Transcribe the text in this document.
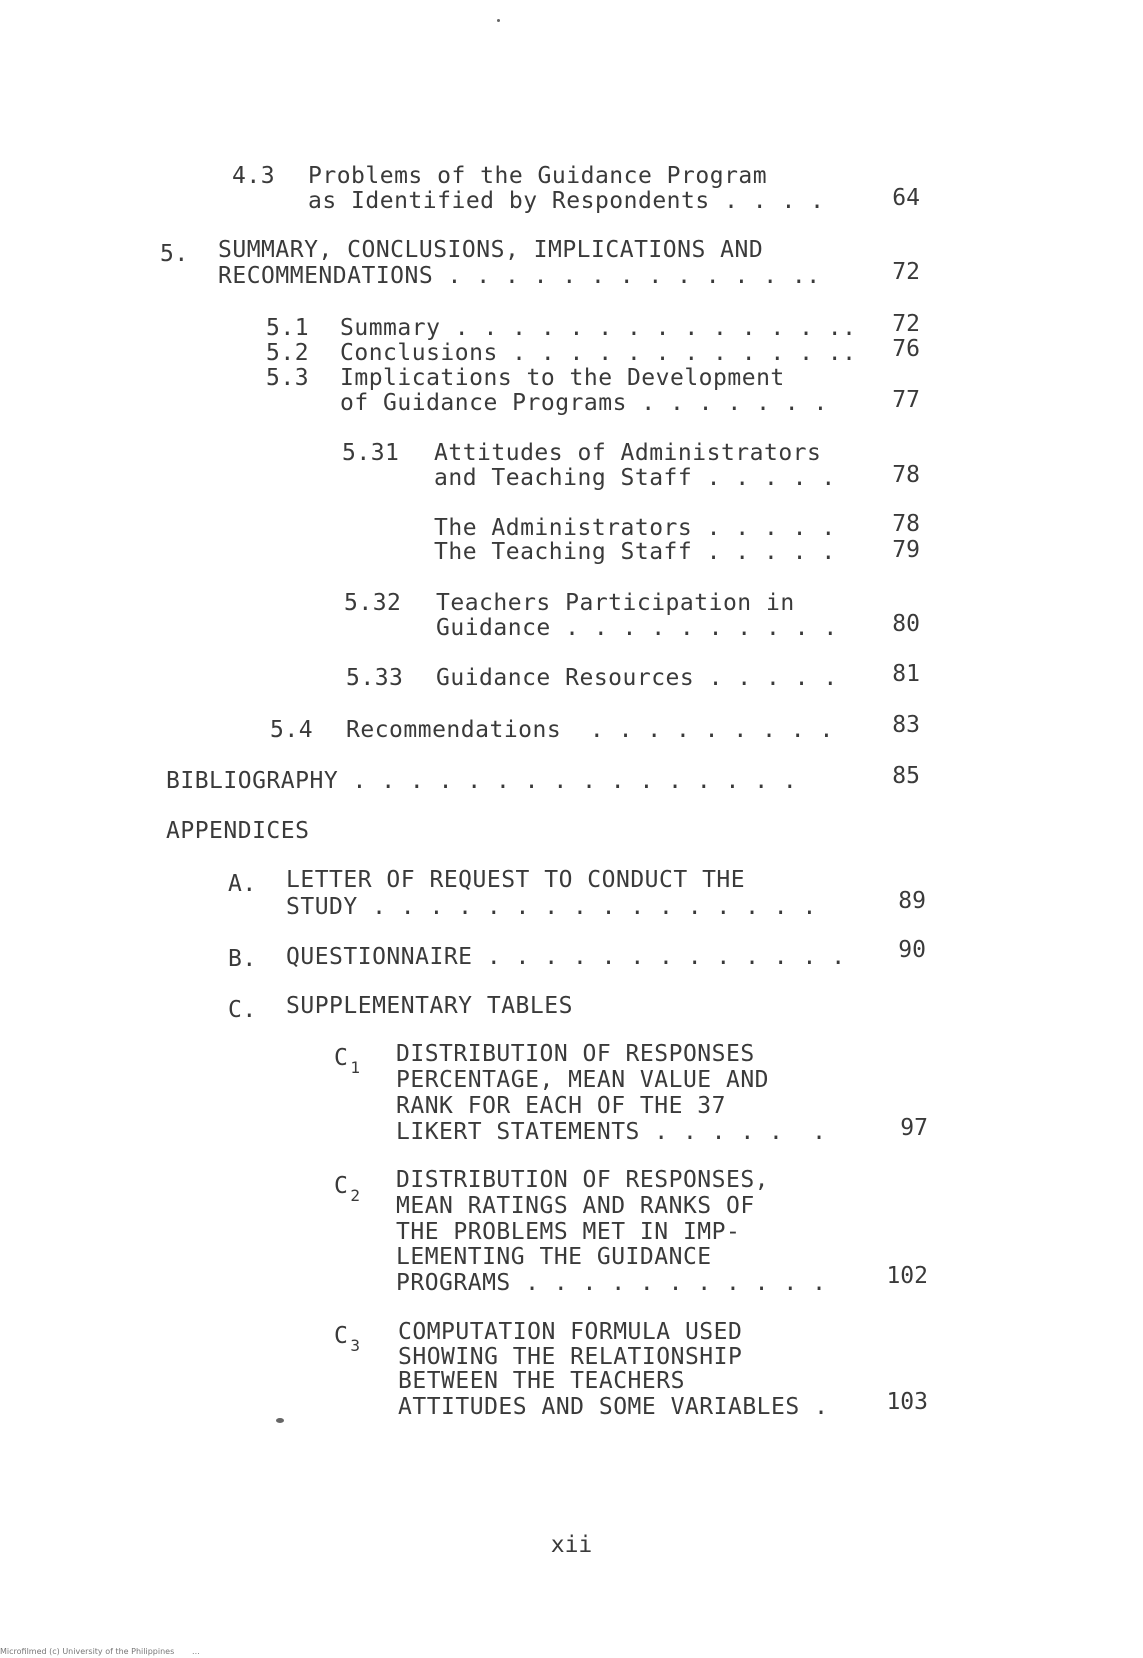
4.3 Problems of the Guidance Program
as Identified by Respondents . . . .	64
5. SUMMARY, CONCLUSIONS, IMPLICATIONS AND
RECOMMENDATIONS . . . . . . . . . . . . ..	72
5.1 Summary . . . . . . . . . . . . . ..	72
5.2 Conclusions . . . . . . . . . . . ..	76
5.3 Implications to the Development
of Guidance Programs . . . . . . .	77
5.31 Attitudes of Administrators
and Teaching Staff . . . . .	78
The Administrators . . . . .	78
The Teaching Staff . . . . .	79
5.32 Teachers Participation in
Guidance . . . . . . . . . .	80
5.33 Guidance Resources . . . . .	81
5.4 Recommendations  . . . . . . . . .	83
BIBLIOGRAPHY . . . . . . . . . . . . . . . .	85
APPENDICES
A. LETTER OF REQUEST TO CONDUCT THE
STUDY . . . . . . . . . . . . . . . .	89
B. QUESTIONNAIRE . . . . . . . . . . . . .	90
C. SUPPLEMENTARY TABLES
C $_1$
DISTRIBUTION OF RESPONSES
PERCENTAGE, MEAN VALUE AND
RANK FOR EACH OF THE 37
LIKERT STATEMENTS . . . . .  .	97
C $_2$
DISTRIBUTION OF RESPONSES,
MEAN RATINGS AND RANKS OF
THE PROBLEMS MET IN IMP-
LEMENTING THE GUIDANCE
PROGRAMS . . . . . . . . . . .	102
C $_3$
COMPUTATION FORMULA USED
SHOWING THE RELATIONSHIP
BETWEEN THE TEACHERS
ATTITUDES AND SOME VARIABLES .	103
xii
Microfilmed (c) University of the Philippines       ...
